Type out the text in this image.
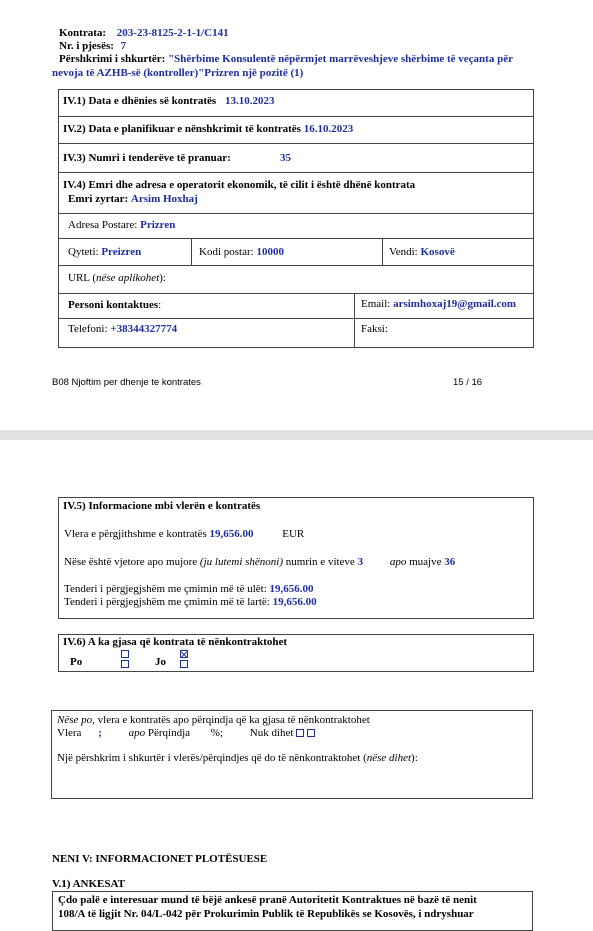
Kontrata: 203-23-8125-2-1-1/C141
Nr. i pjesës: 7
Përshkrimi i shkurtër: "Shërbime Konsulentë nëpërmjet marrëveshjeve shërbime të veçanta për
nevoja të AZHB-së (kontroller)"Prizren një pozitë (1)
IV.1) Data e dhënies së kontratës 13.10.2023
IV.2) Data e planifikuar e nënshkrimit të kontratës 16.10.2023
IV.3) Numri i tenderëve të pranuar:	35
IV.4) Emri dhe adresa e operatorit ekonomik, të cilit i është dhënë kontrata
Emri zyrtar: Arsim Hoxhaj
Adresa Postare: Prizren
Qyteti: Preizren	Kodi postar: 10000	Vendi: Kosovë
URL (nëse aplikohet):
Personi kontaktues:	Email: arsimhoxaj19@gmail.com
Telefoni: +38344327774	Faksi:
B08 Njoftim per dhenje te kontrates	15 / 16
IV.5) Informacione mbi vlerën e kontratës
Vlera e përgjithshme e kontratës 19,656.00	EUR
Nëse është vjetore apo mujore (ju lutemi shënoni) numrin e viteve 3 apo muajve 36
Tenderi i përgjegjshëm me çmimin më të ulët: 19,656.00
Tenderi i përgjegjshëm me çmimin më të lartë: 19,656.00
IV.6) A ka gjasa që kontrata të nënkontraktohet
Po	Jo

Nëse po, vlera e kontratës apo përqindja që ka gjasa të nënkontraktohet
Vlera ; apo Përqindja %; Nuk dihet
Një përshkrim i shkurtër i vlerës/përqindjes që do të nënkontraktohet (nëse dihet):
NENI V: INFORMACIONET PLOTËSUESE
V.1) ANKESAT
Çdo palë e interesuar mund të bëjë ankesë pranë Autoritetit Kontraktues në bazë të nenit
108/A të ligjit Nr. 04/L-042 për Prokurimin Publik të Republikës se Kosovës, i ndryshuar
